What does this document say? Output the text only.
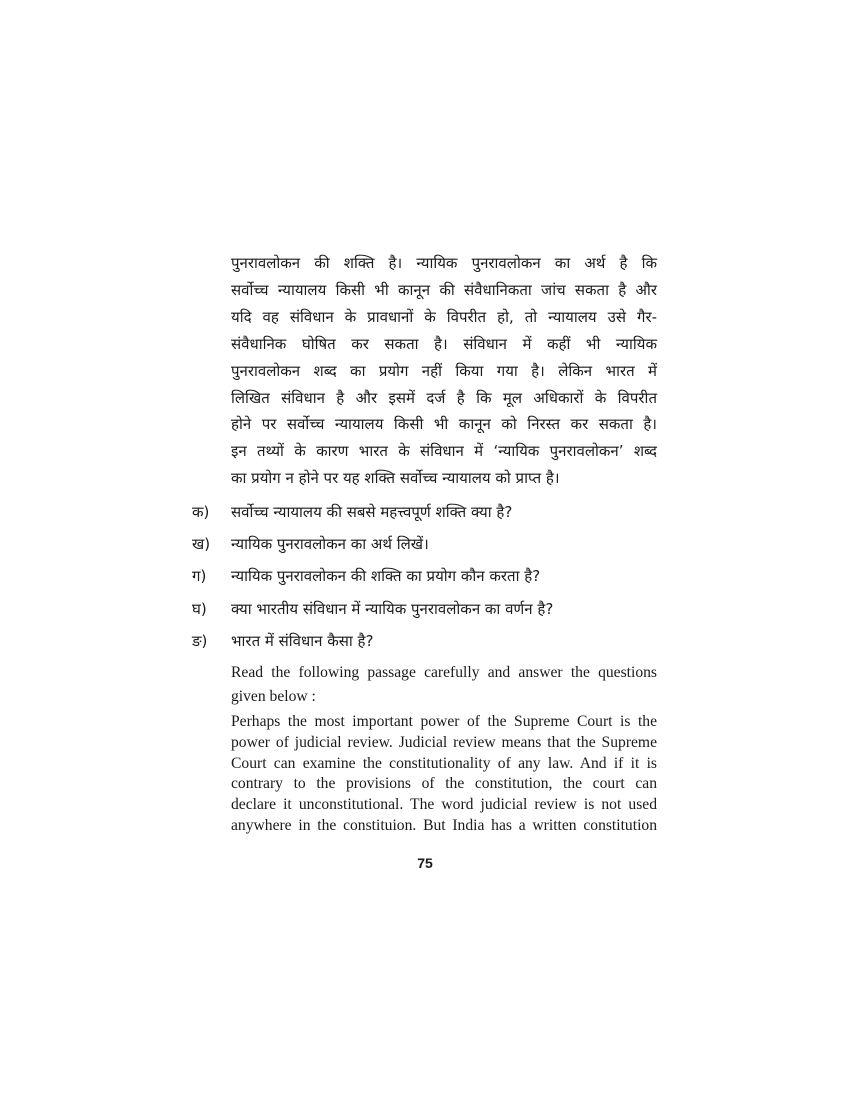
पुनरावलोकन की शक्ति है। न्यायिक पुनरावलोकन का अर्थ है कि
सर्वोच्च न्यायालय किसी भी कानून की संवैधानिकता जांच सकता है और
यदि वह संविधान के प्रावधानों के विपरीत हो, तो न्यायालय उसे गैर-
संवैधानिक घोषित कर सकता है। संविधान में कहीं भी न्यायिक
पुनरावलोकन शब्द का प्रयोग नहीं किया गया है। लेकिन भारत में
लिखित संविधान है और इसमें दर्ज है कि मूल अधिकारों के विपरीत
होने पर सर्वोच्च न्यायालय किसी भी कानून को निरस्त कर सकता है।
इन तथ्यों के कारण भारत के संविधान में ‘न्यायिक पुनरावलोकन’ शब्द
का प्रयोग न होने पर यह शक्ति सर्वोच्च न्यायालय को प्राप्त है।
क)	सर्वोच्च न्यायालय की सबसे महत्त्वपूर्ण शक्ति क्या है?
ख)	न्यायिक पुनरावलोकन का अर्थ लिखें।
ग)	न्यायिक पुनरावलोकन की शक्ति का प्रयोग कौन करता है?
घ)	क्या भारतीय संविधान में न्यायिक पुनरावलोकन का वर्णन है?
ङ)	भारत में संविधान कैसा है?

Read the following passage carefully and answer the questions given below :

Perhaps the most important power of the Supreme Court is the
power of judicial review. Judicial review means that the Supreme
Court can examine the constitutionality of any law. And if it is
contrary to the provisions of the constitution, the court can
declare it unconstitutional. The word judicial review is not used
anywhere in the constituion. But India has a written constitution
75
